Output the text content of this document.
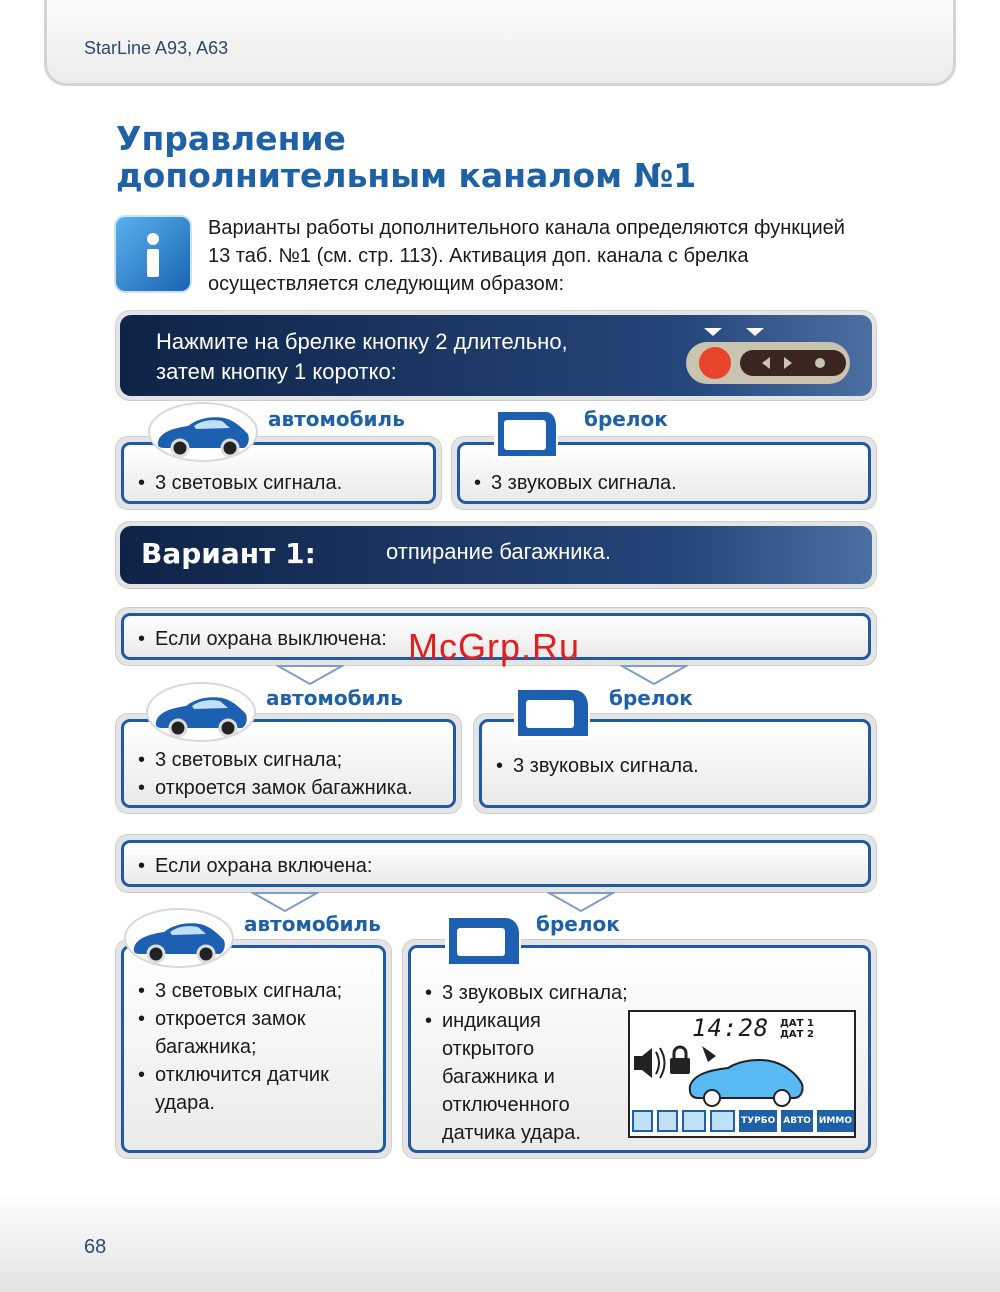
StarLine A93, A63
Управление
дополнительным каналом №1
Варианты работы дополнительного канала определяются функцией 13 таб. №1 (см. стр. 113). Активация доп. канала с брелка осуществляется следующим образом:
Нажмите на брелке кнопку 2 длительно,
затем кнопку 1 коротко:
• 3 световых сигнала.
автомобиль
• 3 звуковых сигнала.
брелок
Вариант 1:	отпирание багажника.
• Если охрана выключена: McGrp.Ru
• 3 световых сигнала;
• откроется замок багажника.
автомобиль
• 3 звуковых сигнала.
брелок
• Если охрана включена:
• 3 световых сигнала;
• откроется замок
багажника;
• отключится датчик
удара.
автомобиль
• 3 звуковых сигнала;
• индикация
открытого
багажника и
отключенного
датчика удара.
брелок
14:28 ДАТ 1
ДАТ 2
ТУРБО АВТО ИММО
68
